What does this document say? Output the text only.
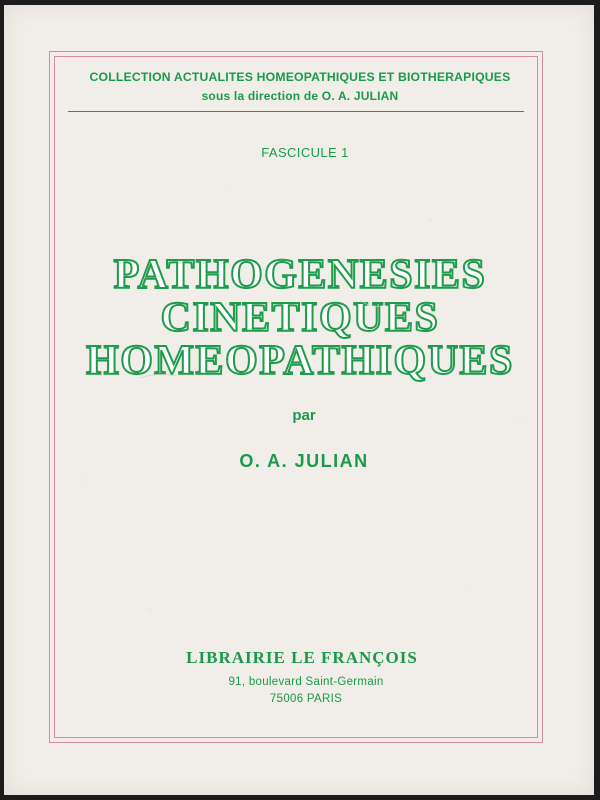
COLLECTION ACTUALITES HOMEOPATHIQUES ET BIOTHERAPIQUES
sous la direction de O. A. JULIAN
FASCICULE 1
PATHOGENESIES
CINETIQUES
HOMEOPATHIQUES
par
O. A. JULIAN
LIBRAIRIE LE FRANÇOIS
91, boulevard Saint-Germain
75006 PARIS
